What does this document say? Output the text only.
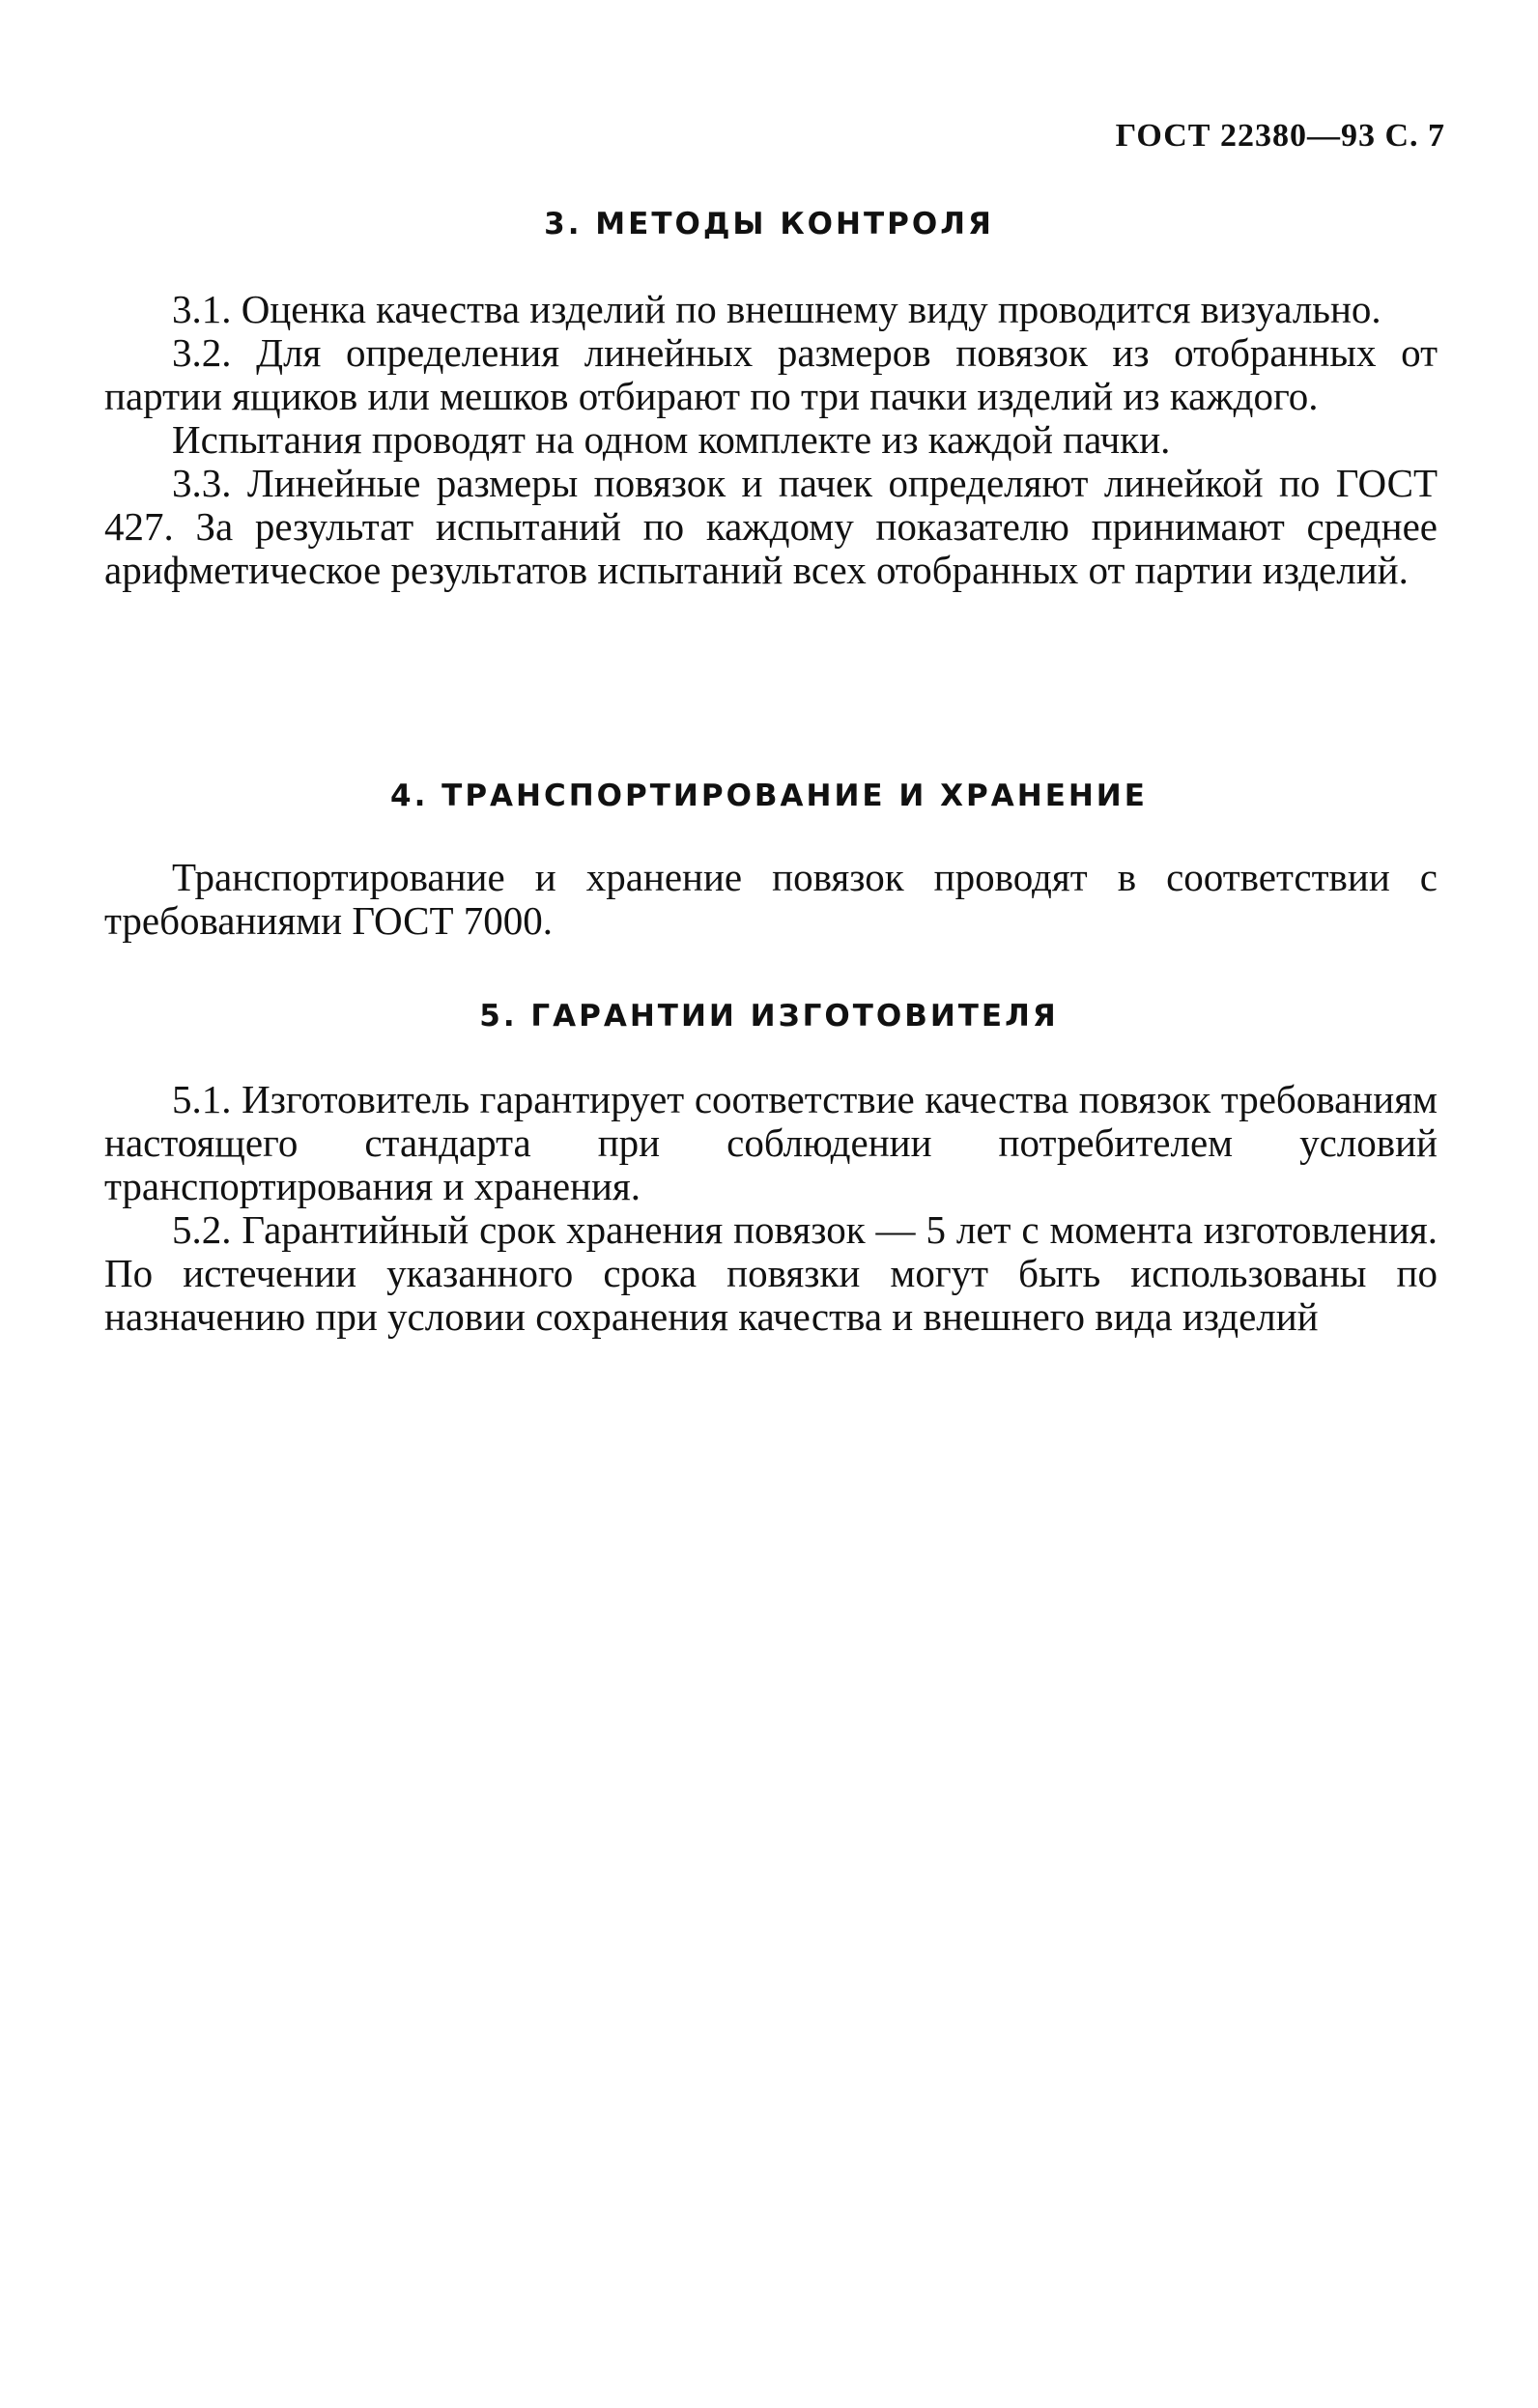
ГОСТ 22380—93 С. 7
3. МЕТОДЫ КОНТРОЛЯ

3.1. Оценка качества изделий по внешнему виду проводится визуально.

3.2. Для определения линейных размеров повязок из отобранных от партии ящиков или мешков отбирают по три пачки изделий из каждого.

Испытания проводят на одном комплекте из каждой пачки.

3.3. Линейные размеры повязок и пачек определяют линейкой по ГОСТ 427. За результат испытаний по каждому показателю принимают среднее арифметическое результатов испытаний всех отобранных от партии изделий.

4. ТРАНСПОРТИРОВАНИЕ И ХРАНЕНИЕ

Транспортирование и хранение повязок проводят в соответствии с требованиями ГОСТ 7000.

5. ГАРАНТИИ ИЗГОТОВИТЕЛЯ

5.1. Изготовитель гарантирует соответствие качества повязок требованиям настоящего стандарта при соблюдении потребителем условий транспортирования и хранения.

5.2. Гарантийный срок хранения повязок — 5 лет с момента изготовления. По истечении указанного срока повязки могут быть использованы по назначению при условии сохранения качества и внешнего вида изделий
